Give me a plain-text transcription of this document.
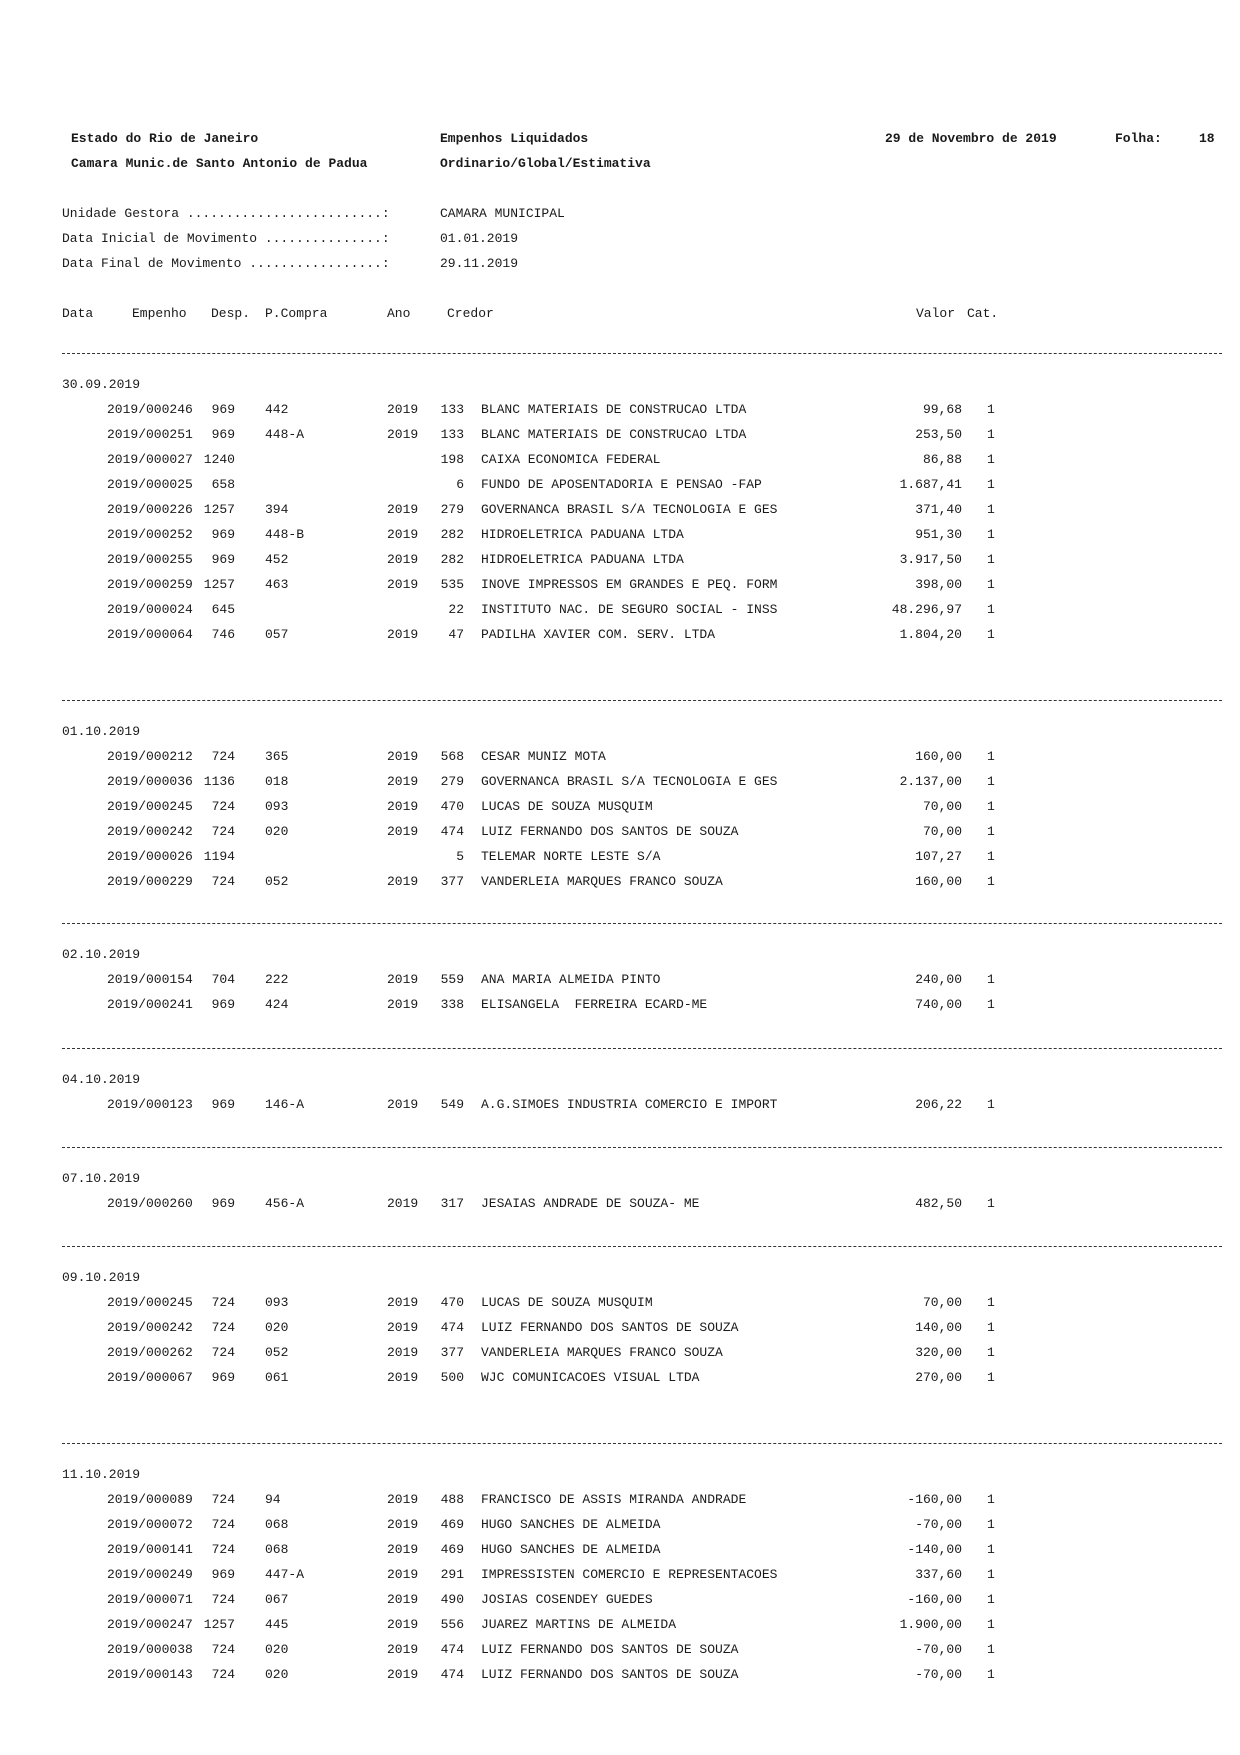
Estado do Rio de Janeiro
Camara Munic.de Santo Antonio de Padua
Empenhos Liquidados
Ordinario/Global/Estimativa
29 de Novembro de 2019	Folha:	18
Unidade Gestora .........................:	CAMARA MUNICIPAL
Data Inicial de Movimento ...............:	01.01.2019
Data Final de Movimento .................:	29.11.2019
Data	Empenho Desp. P.Compra	Ano	Credor	Valor Cat.
30.09.2019
2019/000246 969 442	2019 133 BLANC MATERIAIS DE CONSTRUCAO LTDA	99,68 1
2019/000251 969 448-A	2019 133 BLANC MATERIAIS DE CONSTRUCAO LTDA	253,50 1
2019/000027 1240	198 CAIXA ECONOMICA FEDERAL	86,88 1
2019/000025 658	6 FUNDO DE APOSENTADORIA E PENSAO -FAP	1.687,41 1
2019/000226 1257 394	2019 279 GOVERNANCA BRASIL S/A TECNOLOGIA E GES	371,40 1
2019/000252 969 448-B	2019 282 HIDROELETRICA PADUANA LTDA	951,30 1
2019/000255 969 452	2019 282 HIDROELETRICA PADUANA LTDA	3.917,50 1
2019/000259 1257 463	2019 535 INOVE IMPRESSOS EM GRANDES E PEQ. FORM	398,00 1
2019/000024 645	22 INSTITUTO NAC. DE SEGURO SOCIAL - INSS	48.296,97 1
2019/000064 746 057	2019 47 PADILHA XAVIER COM. SERV. LTDA	1.804,20 1
01.10.2019
2019/000212 724 365	2019 568 CESAR MUNIZ MOTA	160,00 1
2019/000036 1136 018	2019 279 GOVERNANCA BRASIL S/A TECNOLOGIA E GES	2.137,00 1
2019/000245 724 093	2019 470 LUCAS DE SOUZA MUSQUIM	70,00 1
2019/000242 724 020	2019 474 LUIZ FERNANDO DOS SANTOS DE SOUZA	70,00 1
2019/000026 1194	5 TELEMAR NORTE LESTE S/A	107,27 1
2019/000229 724 052	2019 377 VANDERLEIA MARQUES FRANCO SOUZA	160,00 1
02.10.2019
2019/000154 704 222	2019 559 ANA MARIA ALMEIDA PINTO	240,00 1
2019/000241 969 424	2019 338 ELISANGELA  FERREIRA ECARD-ME	740,00 1
04.10.2019
2019/000123 969 146-A	2019 549 A.G.SIMOES INDUSTRIA COMERCIO E IMPORT	206,22 1
07.10.2019
2019/000260 969 456-A	2019 317 JESAIAS ANDRADE DE SOUZA- ME	482,50 1
09.10.2019
2019/000245 724 093	2019 470 LUCAS DE SOUZA MUSQUIM	70,00 1
2019/000242 724 020	2019 474 LUIZ FERNANDO DOS SANTOS DE SOUZA	140,00 1
2019/000262 724 052	2019 377 VANDERLEIA MARQUES FRANCO SOUZA	320,00 1
2019/000067 969 061	2019 500 WJC COMUNICACOES VISUAL LTDA	270,00 1
11.10.2019
2019/000089 724 94	2019 488 FRANCISCO DE ASSIS MIRANDA ANDRADE	-160,00 1
2019/000072 724 068	2019 469 HUGO SANCHES DE ALMEIDA	-70,00 1
2019/000141 724 068	2019 469 HUGO SANCHES DE ALMEIDA	-140,00 1
2019/000249 969 447-A	2019 291 IMPRESSISTEN COMERCIO E REPRESENTACOES	337,60 1
2019/000071 724 067	2019 490 JOSIAS COSENDEY GUEDES	-160,00 1
2019/000247 1257 445	2019 556 JUAREZ MARTINS DE ALMEIDA	1.900,00 1
2019/000038 724 020	2019 474 LUIZ FERNANDO DOS SANTOS DE SOUZA	-70,00 1
2019/000143 724 020	2019 474 LUIZ FERNANDO DOS SANTOS DE SOUZA	-70,00 1
